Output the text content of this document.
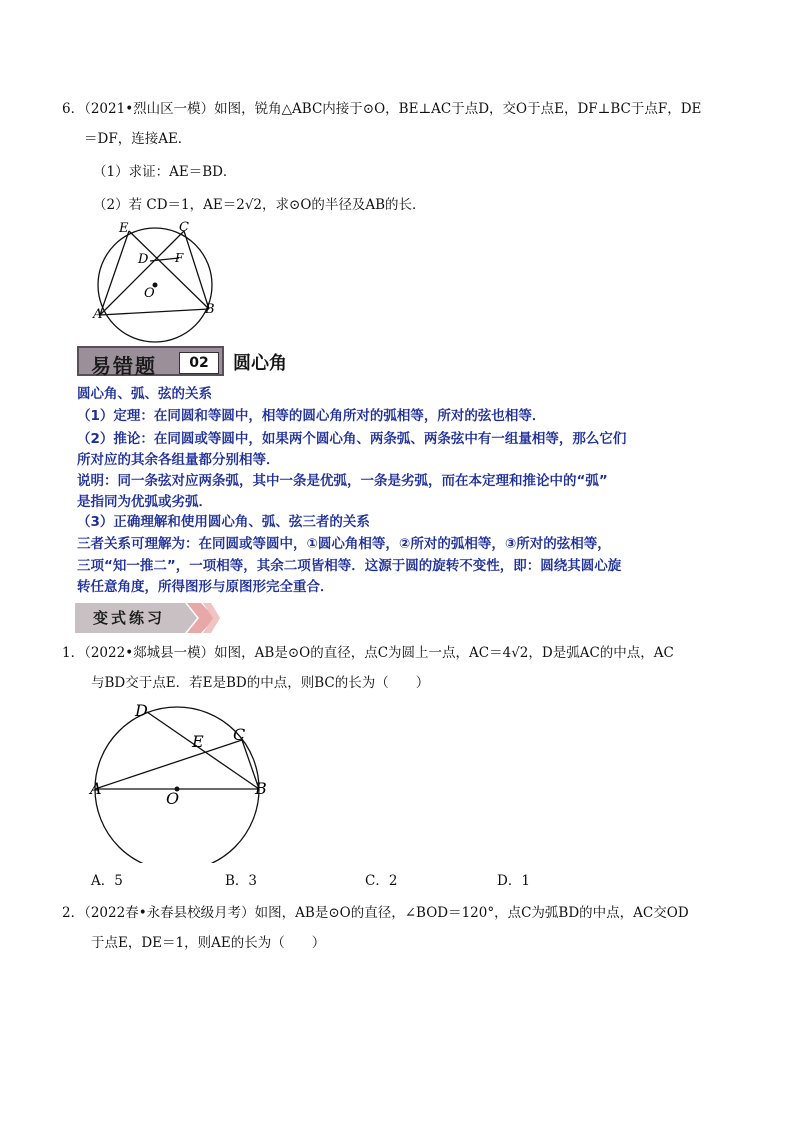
6．（2021•烈山区一模）如图，锐角△ABC内接于⊙O，BE⊥AC于点D，交O于点E，DF⊥BC于点F，DE
＝DF，连接AE．
（1）求证：AE＝BD．
（2）若 CD＝1，AE＝2√2，求⊙O的半径及AB的长．
E	C
D F
O
A	B
易错题	02	圆心角
圆心角、弧、弦的关系
（1）定理：在同圆和等圆中，相等的圆心角所对的弧相等，所对的弦也相等．
（2）推论：在同圆或等圆中，如果两个圆心角、两条弧、两条弦中有一组量相等，那么它们
所对应的其余各组量都分别相等．
说明：同一条弦对应两条弧，其中一条是优弧，一条是劣弧，而在本定理和推论中的“弧”
是指同为优弧或劣弧．
（3）正确理解和使用圆心角、弧、弦三者的关系
三者关系可理解为：在同圆或等圆中，①圆心角相等，②所对的弧相等，③所对的弦相等，
三项“知一推二”，一项相等，其余二项皆相等．这源于圆的旋转不变性，即：圆绕其圆心旋
转任意角度，所得图形与原图形完全重合．
变式练习
1．（2022•郯城县一模）如图，AB是⊙O的直径，点C为圆上一点，AC＝4√2，D是弧AC的中点，AC
与BD交于点E．若E是BD的中点，则BC的长为（　　）
D
E C
A
O
B
A．5	B．3	C．2	D．1
2．（2022春•永春县校级月考）如图，AB是⊙O的直径，∠BOD＝120°，点C为弧BD的中点，AC交OD
于点E，DE＝1，则AE的长为（　　）
